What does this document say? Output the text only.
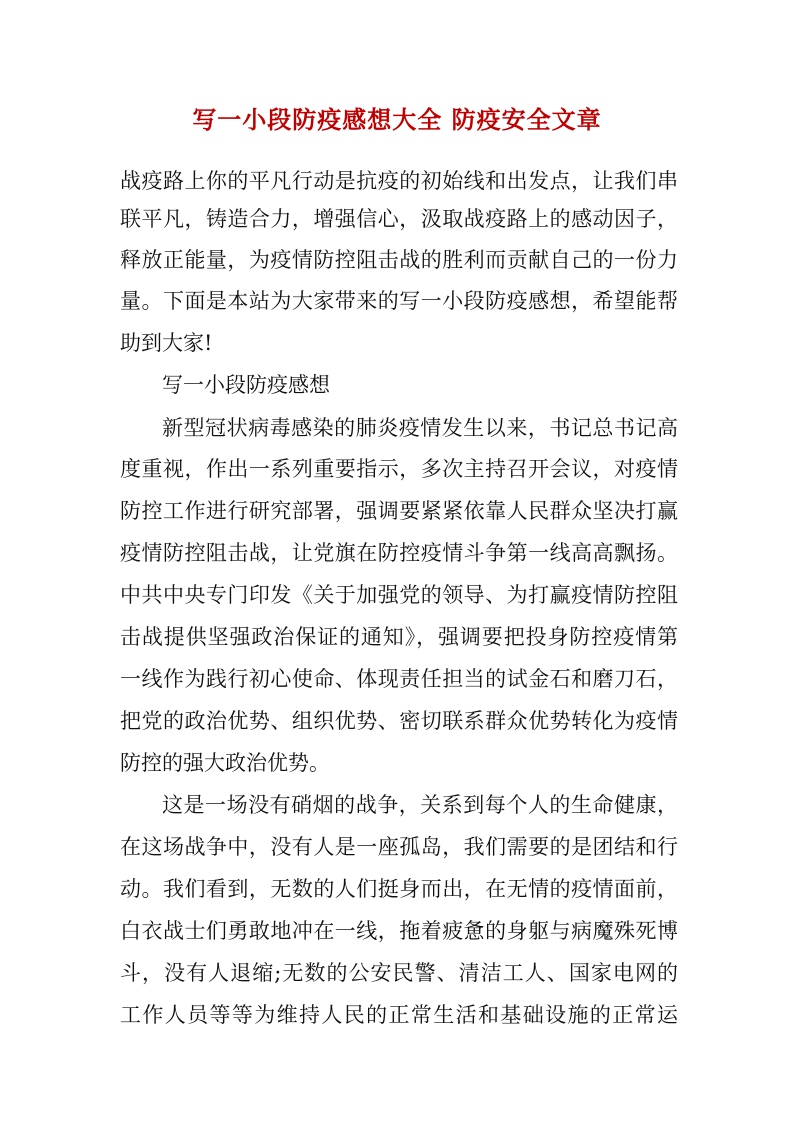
写一小段防疫感想大全 防疫安全文章
战疫路上你的平凡行动是抗疫的初始线和出发点，让我们串
联平凡，铸造合力，增强信心，汲取战疫路上的感动因子，
释放正能量，为疫情防控阻击战的胜利而贡献自己的一份力
量。下面是本站为大家带来的写一小段防疫感想，希望能帮
助到大家!
写一小段防疫感想
新型冠状病毒感染的肺炎疫情发生以来，书记总书记高
度重视，作出一系列重要指示，多次主持召开会议，对疫情
防控工作进行研究部署，强调要紧紧依靠人民群众坚决打赢
疫情防控阻击战，让党旗在防控疫情斗争第一线高高飘扬。
中共中央专门印发《关于加强党的领导、为打赢疫情防控阻
击战提供坚强政治保证的通知》，强调要把投身防控疫情第
一线作为践行初心使命、体现责任担当的试金石和磨刀石，
把党的政治优势、组织优势、密切联系群众优势转化为疫情
防控的强大政治优势。
这是一场没有硝烟的战争，关系到每个人的生命健康，
在这场战争中，没有人是一座孤岛，我们需要的是团结和行
动。我们看到，无数的人们挺身而出，在无情的疫情面前，
白衣战士们勇敢地冲在一线，拖着疲惫的身躯与病魔殊死博
斗，没有人退缩;无数的公安民警、清洁工人、国家电网的
工作人员等等为维持人民的正常生活和基础设施的正常运
